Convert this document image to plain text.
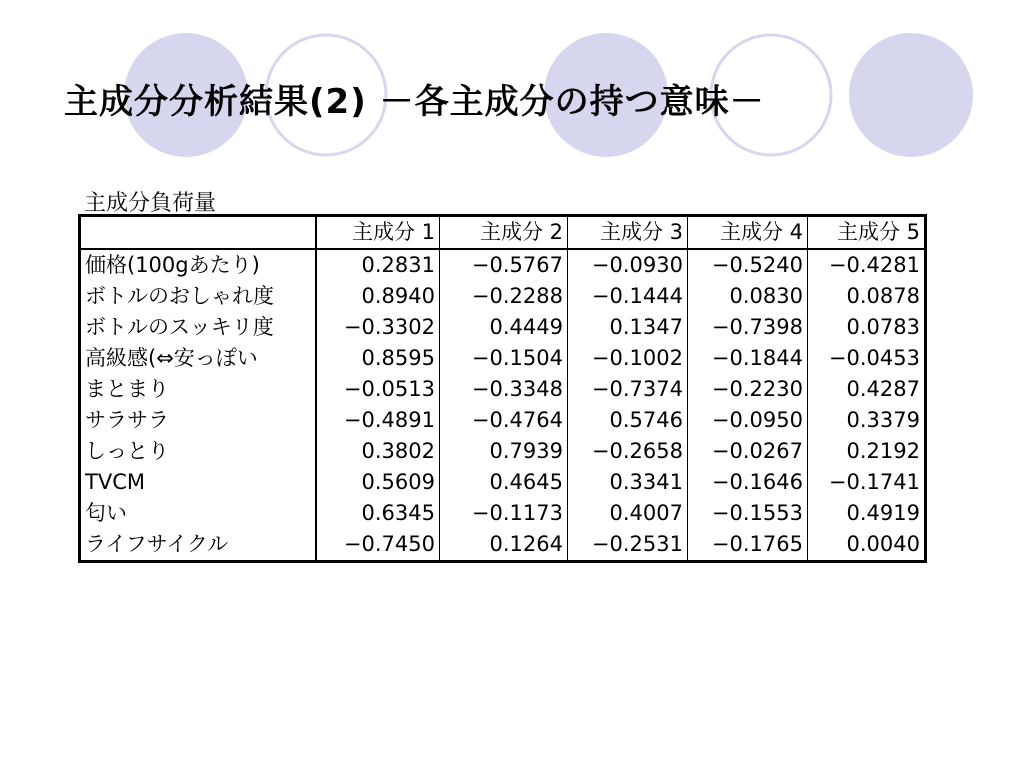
主成分分析結果(2) －各主成分の持つ意味－
主成分負荷量
	主成分 1	主成分 2	主成分 3	主成分 4	主成分 5
価格(100gあたり)	0.2831	−0.5767	−0.0930	−0.5240	−0.4281
ボトルのおしゃれ度	0.8940	−0.2288	−0.1444	0.0830	0.0878
ボトルのスッキリ度	−0.3302	0.4449	0.1347	−0.7398	0.0783
高級感(⇔安っぽい	0.8595	−0.1504	−0.1002	−0.1844	−0.0453
まとまり	−0.0513	−0.3348	−0.7374	−0.2230	0.4287
サラサラ	−0.4891	−0.4764	0.5746	−0.0950	0.3379
しっとり	0.3802	0.7939	−0.2658	−0.0267	0.2192
TVCM	0.5609	0.4645	0.3341	−0.1646	−0.1741
匂い	0.6345	−0.1173	0.4007	−0.1553	0.4919
ライフサイクル	−0.7450	0.1264	−0.2531	−0.1765	0.0040
